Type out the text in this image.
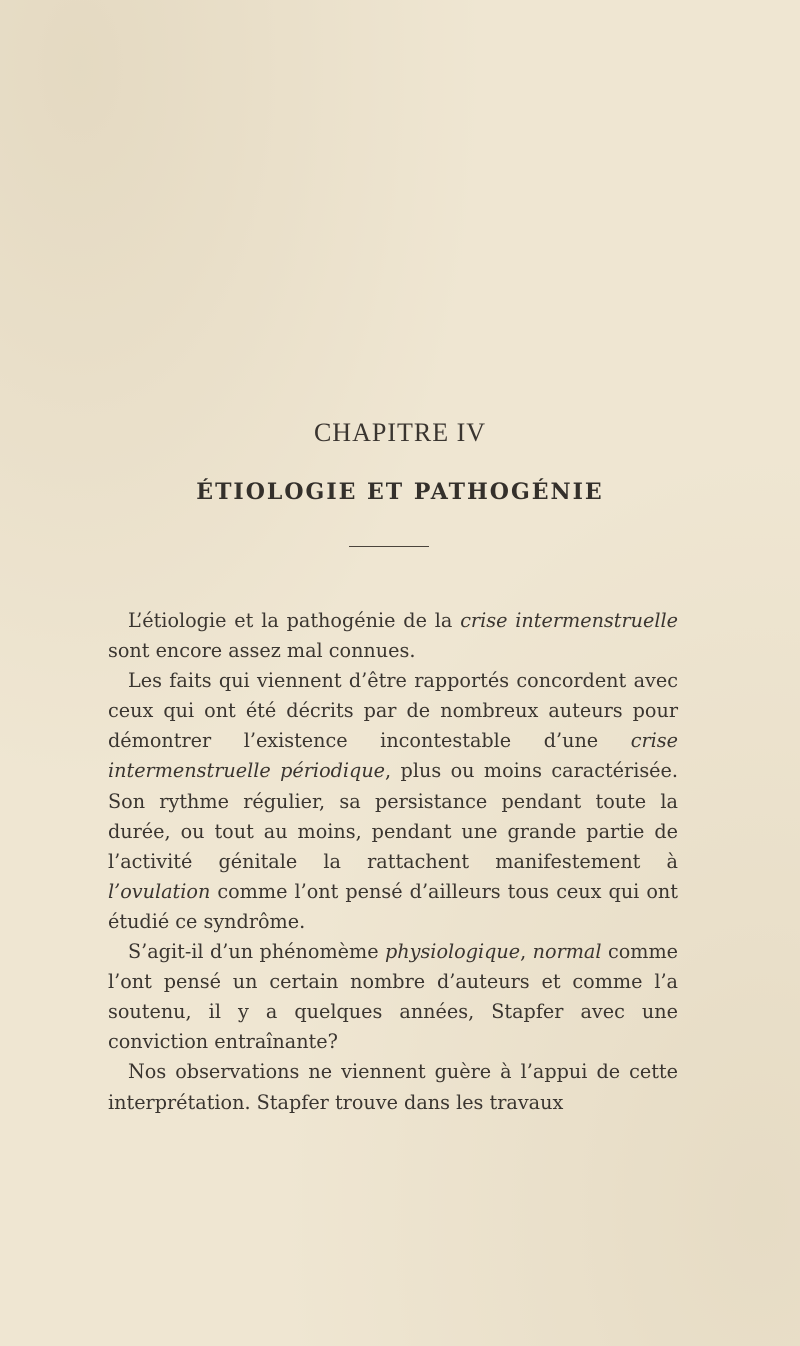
CHAPITRE IV
ÉTIOLOGIE ET PATHOGÉNIE

L’étiologie et la pathogénie de la crise intermenstruelle sont encore assez mal connues.

Les faits qui viennent d’être rapportés concordent avec ceux qui ont été décrits par de nombreux auteurs pour démontrer l’existence incontestable d’une crise intermenstruelle périodique, plus ou moins caractérisée. Son rythme régulier, sa persistance pendant toute la durée, ou tout au moins, pendant une grande partie de l’activité génitale la rattachent manifestement à l’ovulation comme l’ont pensé d’ailleurs tous ceux qui ont étudié ce syndrôme.

S’agit-il d’un phénomème physiologique, normal comme l’ont pensé un certain nombre d’auteurs et comme l’a soutenu, il y a quelques années, Stapfer avec une conviction entraînante?

Nos observations ne viennent guère à l’appui de cette interprétation. Stapfer trouve dans les travaux
